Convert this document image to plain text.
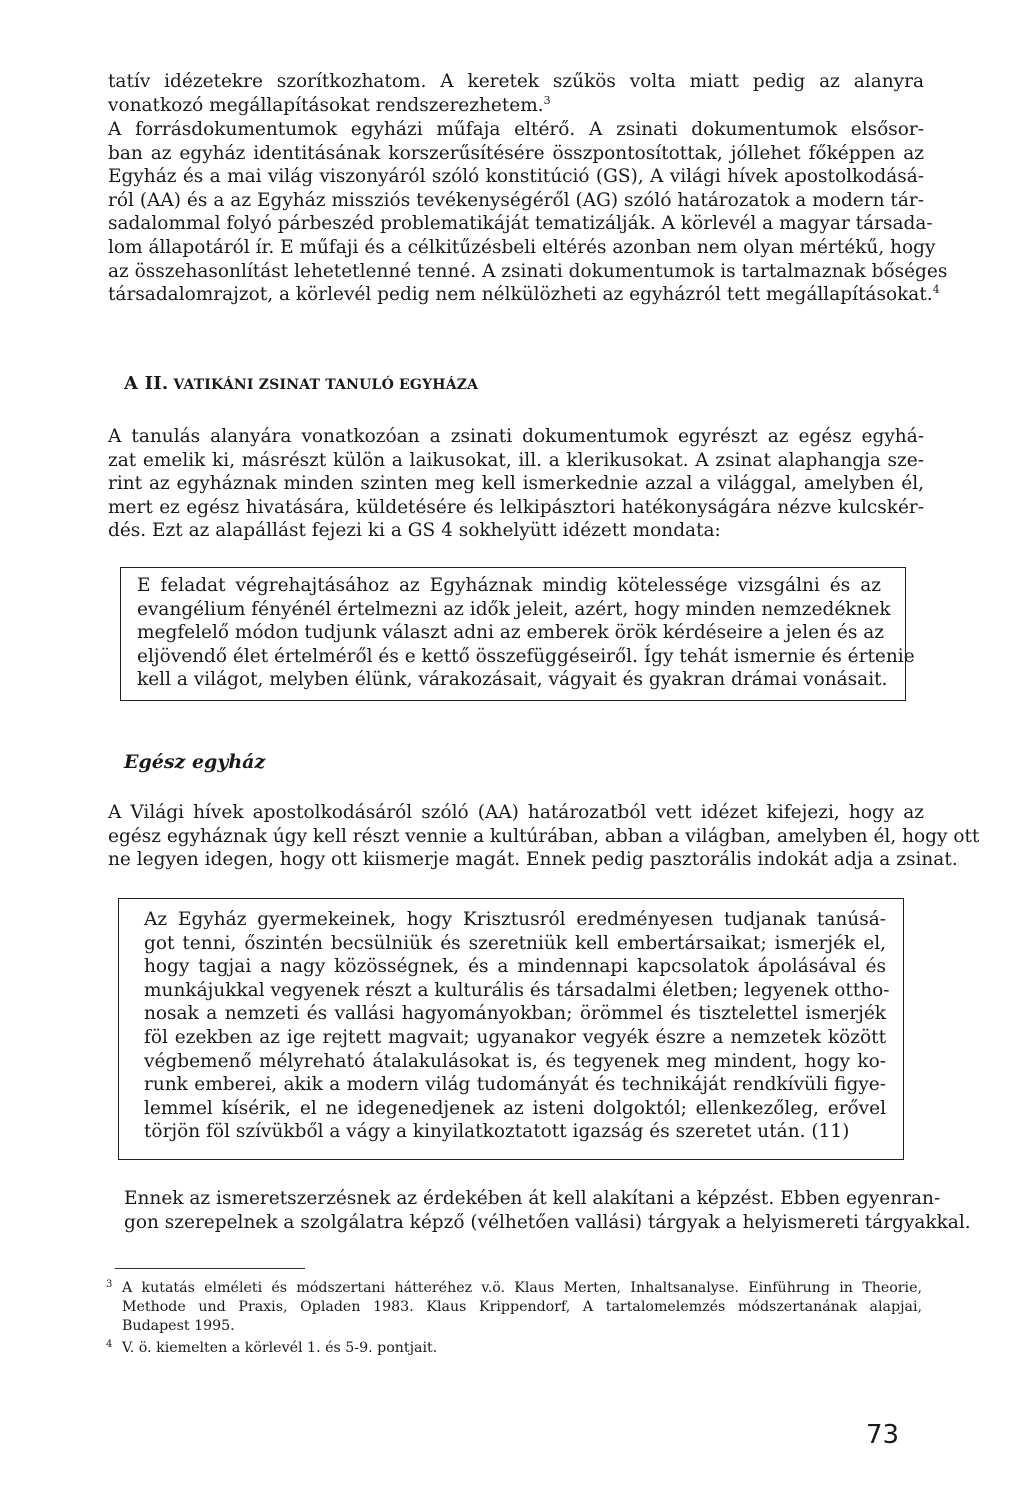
tatív idézetekre szorítkozhatom. A keretek szűkös volta miatt pedig az alanyra
vonatkozó megállapításokat rendszerezhetem.$^3$
A forrásdokumentumok egyházi műfaja eltérő. A zsinati dokumentumok elsősor-
ban az egyház identitásának korszerűsítésére összpontosítottak, jóllehet főképpen az
Egyház és a mai világ viszonyáról szóló konstitúció (GS), A világi hívek apostolkodásá-
ról (AA) és a az Egyház missziós tevékenységéről (AG) szóló határozatok a modern tár-
sadalommal folyó párbeszéd problematikáját tematizálják. A körlevél a magyar társada-
lom állapotáról ír. E műfaji és a célkitűzésbeli eltérés azonban nem olyan mértékű, hogy
az összehasonlítást lehetetlenné tenné. A zsinati dokumentumok is tartalmaznak bőséges
társadalomrajzot, a körlevél pedig nem nélkülözheti az egyházról tett megállapításokat.$^4$
A II. VATIKÁNI ZSINAT TANULÓ EGYHÁZA
A tanulás alanyára vonatkozóan a zsinati dokumentumok egyrészt az egész egyhá-
zat emelik ki, másrészt külön a laikusokat, ill. a klerikusokat. A zsinat alaphangja sze-
rint az egyháznak minden szinten meg kell ismerkednie azzal a világgal, amelyben él,
mert ez egész hivatására, küldetésére és lelkipásztori hatékonyságára nézve kulcskér-
dés. Ezt az alapállást fejezi ki a GS 4 sokhelyütt idézett mondata:
E feladat végrehajtásához az Egyháznak mindig kötelessége vizsgálni és az
evangélium fényénél értelmezni az idők jeleit, azért, hogy minden nemzedéknek
megfelelő módon tudjunk választ adni az emberek örök kérdéseire a jelen és az
eljövendő élet értelméről és e kettő összefüggéseiről. Így tehát ismernie és értenie
kell a világot, melyben élünk, várakozásait, vágyait és gyakran drámai vonásait.
Egész egyház
A Világi hívek apostolkodásáról szóló (AA) határozatból vett idézet kifejezi, hogy az
egész egyháznak úgy kell részt vennie a kultúrában, abban a világban, amelyben él, hogy ott
ne legyen idegen, hogy ott kiismerje magát. Ennek pedig pasztorális indokát adja a zsinat.
Az Egyház gyermekeinek, hogy Krisztusról eredményesen tudjanak tanúsá-
got tenni, őszintén becsülniük és szeretniük kell embertársaikat; ismerjék el,
hogy tagjai a nagy közösségnek, és a mindennapi kapcsolatok ápolásával és
munkájukkal vegyenek részt a kulturális és társadalmi életben; legyenek ottho-
nosak a nemzeti és vallási hagyományokban; örömmel és tisztelettel ismerjék
föl ezekben az ige rejtett magvait; ugyanakor vegyék észre a nemzetek között
végbemenő mélyreható átalakulásokat is, és tegyenek meg mindent, hogy ko-
runk emberei, akik a modern világ tudományát és technikáját rendkívüli figye-
lemmel kísérik, el ne idegenedjenek az isteni dolgoktól; ellenkezőleg, erővel
törjön föl szívükből a vágy a kinyilatkoztatott igazság és szeretet után. (11)
Ennek az ismeretszerzésnek az érdekében át kell alakítani a képzést. Ebben egyenran-
gon szerepelnek a szolgálatra képző (vélhetően vallási) tárgyak a helyismereti tárgyakkal.
3 A kutatás elméleti és módszertani hátteréhez v.ö. Klaus Merten, Inhaltsanalyse. Einführung in Theorie,
Methode und Praxis, Opladen 1983. Klaus Krippendorf, A tartalomelemzés módszertanának alapjai,
Budapest 1995.
4 V. ö. kiemelten a körlevél 1. és 5-9. pontjait.
73
